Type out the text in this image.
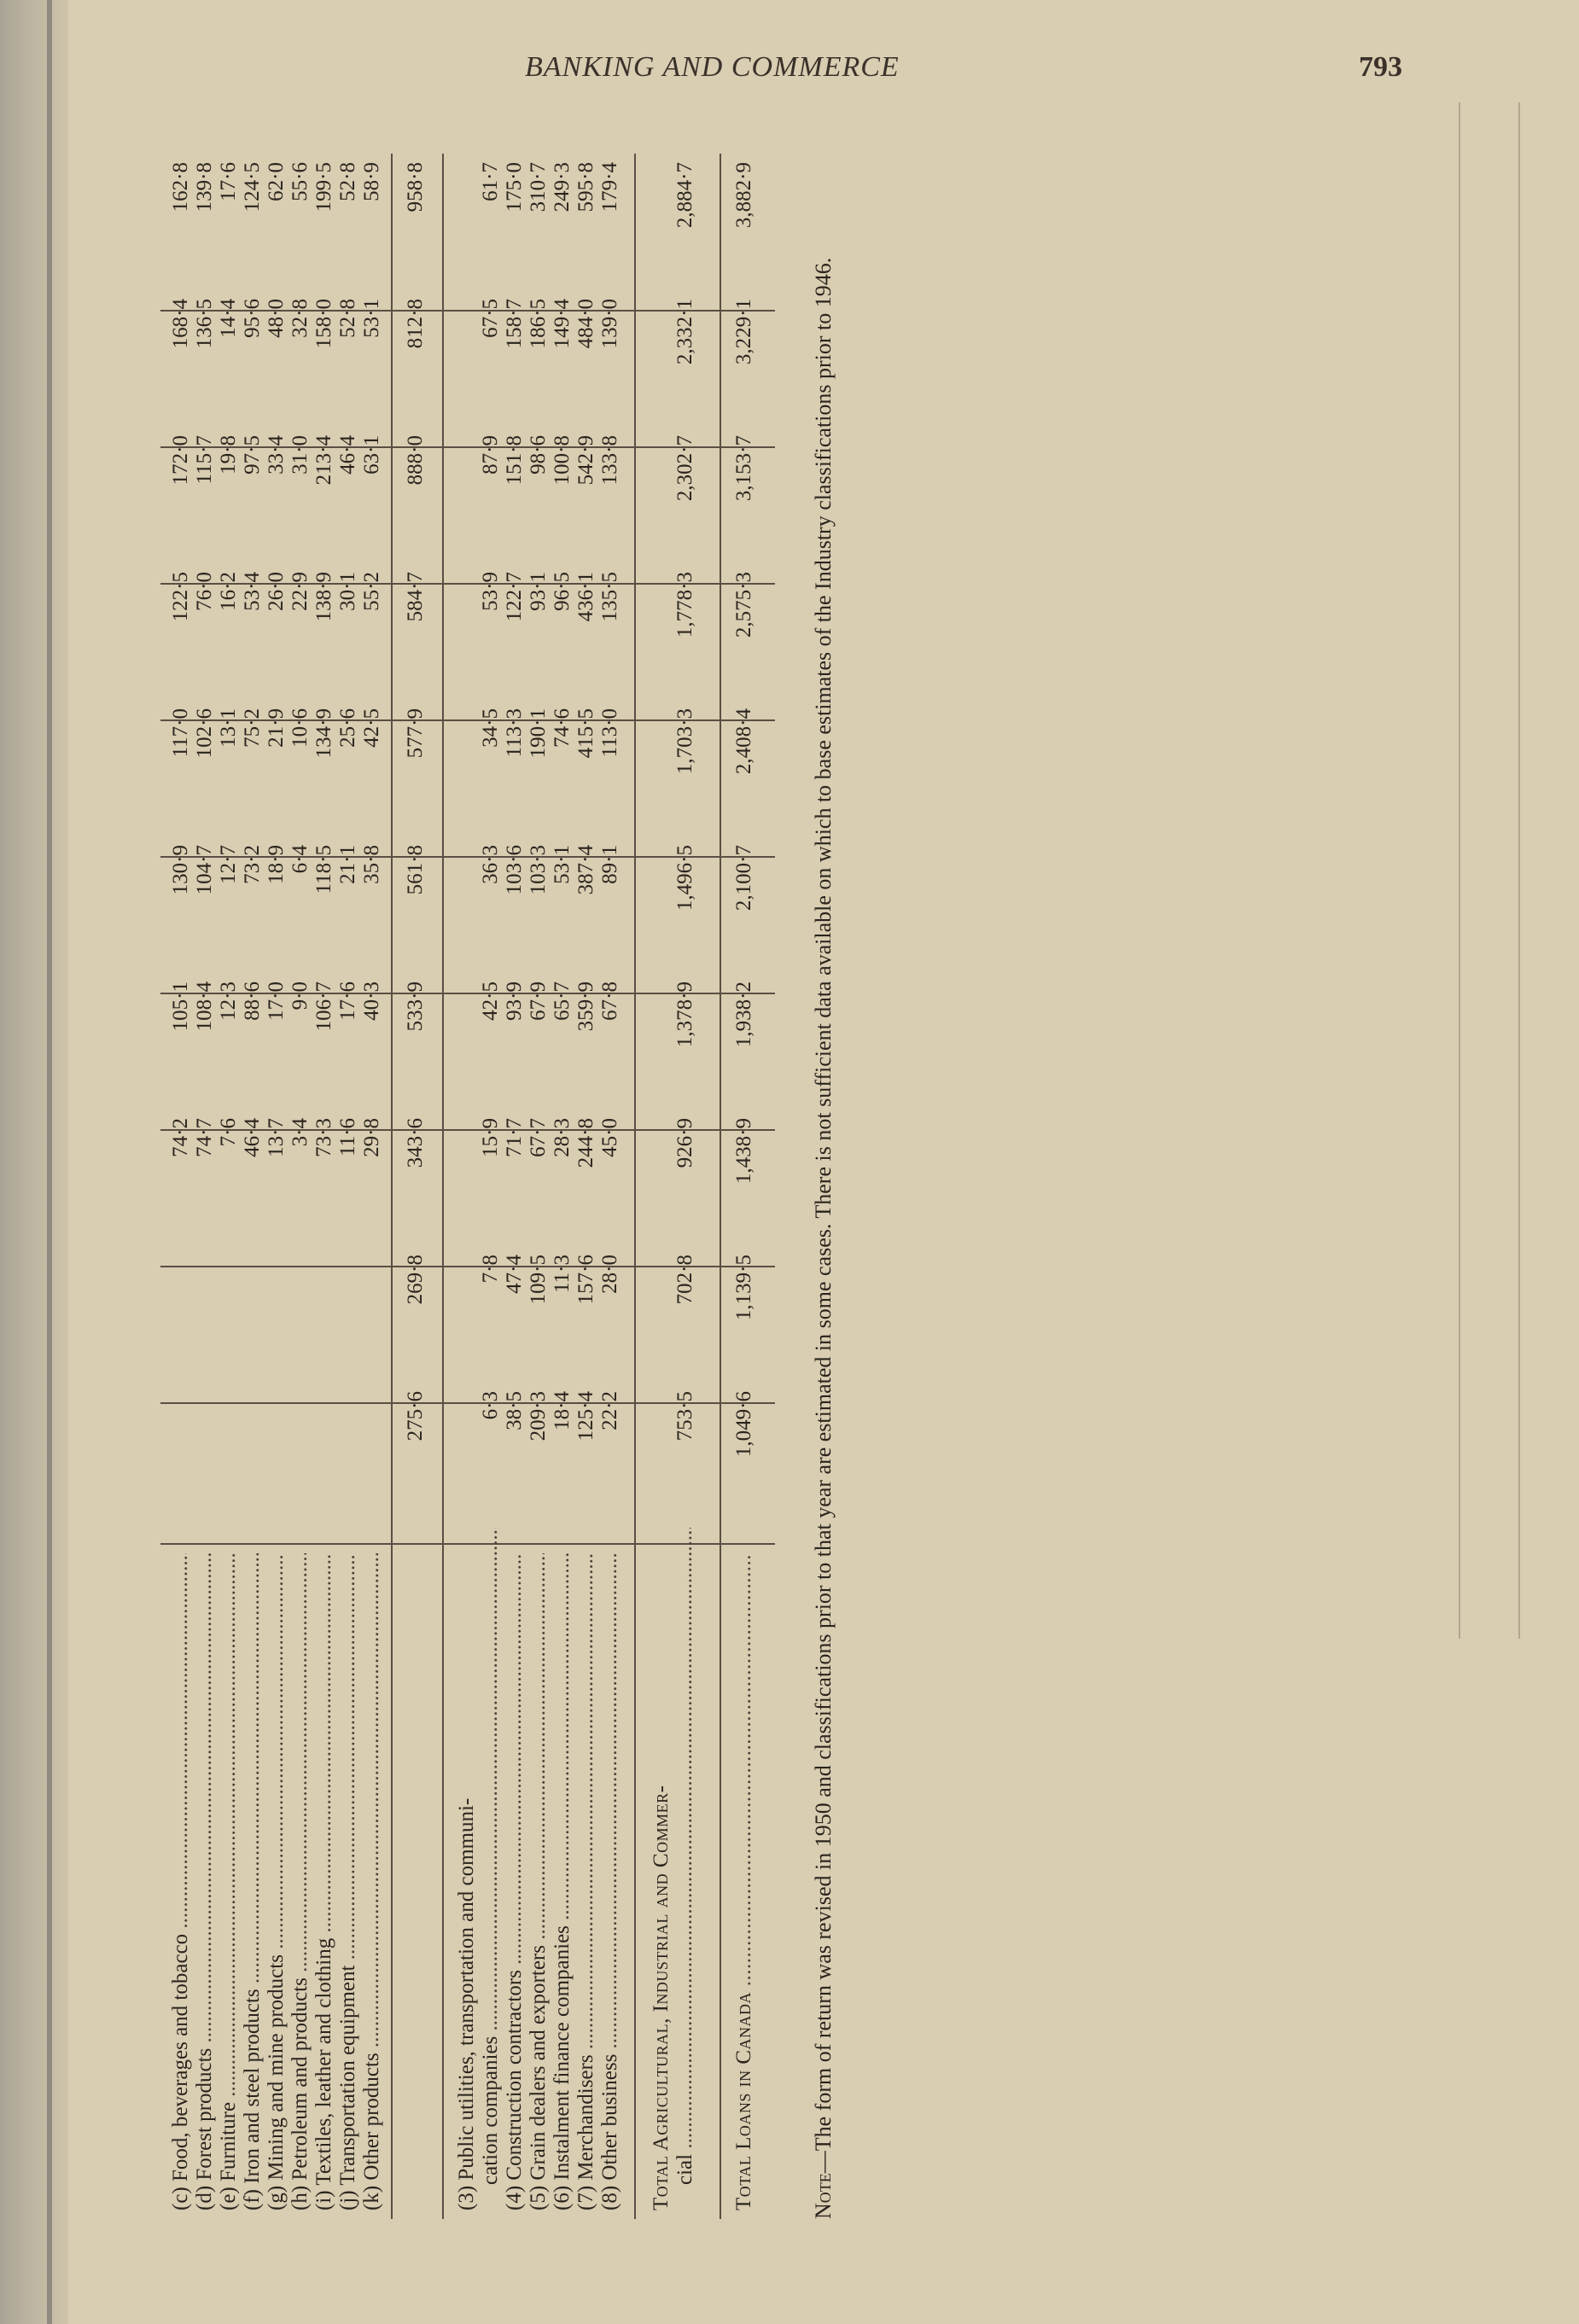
BANKING AND COMMERCE	793
(c) Food, beverages and tobacco .....
74·2
105·1
130·9
117·0
122·5
172·0
168·4
162·8
(d) Forest products .....
74·7
108·4
104·7
102·6
76·0
115·7
136·5
139·8
(e) Furniture .....
7·6
12·3
12·7
13·1
16·2
19·8
14·4
17·6
(f) Iron and steel products .....
46·4
88·6
73·2
75·2
53·4
97·5
95·6
124·5
(g) Mining and mine products .....
13·7
17·0
18·9
21·9
26·0
33·4
48·0
62·0
(h) Petroleum and products .....
3·4
9·0
6·4
10·6
22·9
31·0
32·8
55·6
(i) Textiles, leather and clothing .....
73·3
106·7
118·5
134·9
138·9
213·4
158·0
199·5
(j) Transportation equipment .....
11·6
17·6
21·1
25·6
30·1
46·4
52·8
52·8
(k) Other products .....
29·8
40·3
35·8
42·5
55·2
63·1
53·1
58·9
275·6
269·8
343·6
533·9
561·8
577·9
584·7
888·0
812·8
958·8
(3) Public utilities, transportation and communi- cation companies .....
6·3
7·8
15·9
42·5
36·3
34·5
53·9
87·9
67·5
61·7
(4) Construction contractors .....
38·5
47·4
71·7
93·9
103·6
113·3
122·7
151·8
158·7
175·0
(5) Grain dealers and exporters .....
209·3
109·5
67·7
67·9
103·3
190·1
93·1
98·6
186·5
310·7
(6) Instalment finance companies .....
18·4
11·3
28·3
65·7
53·1
74·6
96·5
100·8
149·4
249·3
(7) Merchandisers .....
125·4
157·6
244·8
359·9
387·4
415·5
436·1
542·9
484·0
595·8
(8) Other business .....
22·2
28·0
45·0
67·8
89·1
113·0
135·5
133·8
139·0
179·4
Total Agricultural, Industrial and Commer- cial .....
753·5
702·8
926·9
1,378·9
1,496·5
1,703·3
1,778·3
2,302·7
2,332·1
2,884·7
Total Loans in Canada .....
1,049·6
1,139·5
1,438·9
1,938·2
2,100·7
2,408·4
2,575·3
3,153·7
3,229·1
3,882·9
Note—The form of return was revised in 1950 and classifications prior to that year are estimated in some cases. There is not sufficient data available on which to base estimates of the Industry classifications prior to 1946.
